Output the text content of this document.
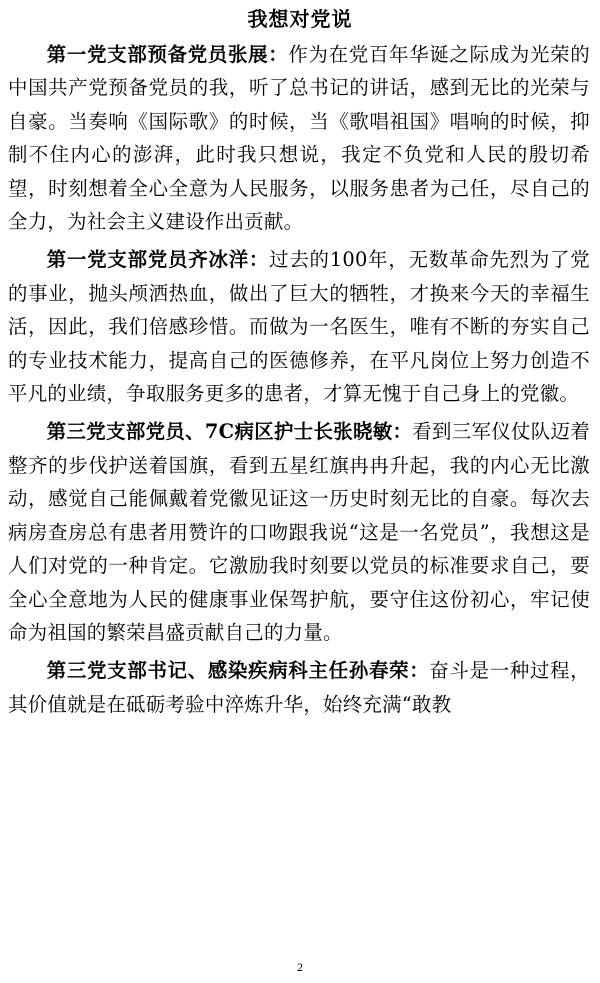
我想对党说

第一党支部预备党员张展：作为在党百年华诞之际成为光荣的中国共产党预备党员的我，听了总书记的讲话，感到无比的光荣与自豪。当奏响《国际歌》的时候，当《歌唱祖国》唱响的时候，抑制不住内心的澎湃，此时我只想说，我定不负党和人民的殷切希望，时刻想着全心全意为人民服务，以服务患者为己任，尽自己的全力，为社会主义建设作出贡献。

第一党支部党员齐冰洋：过去的100年，无数革命先烈为了党的事业，抛头颅洒热血，做出了巨大的牺牲，才换来今天的幸福生活，因此，我们倍感珍惜。而做为一名医生，唯有不断的夯实自己的专业技术能力，提高自己的医德修养，在平凡岗位上努力创造不平凡的业绩，争取服务更多的患者，才算无愧于自己身上的党徽。

第三党支部党员、7C病区护士长张晓敏：看到三军仪仗队迈着整齐的步伐护送着国旗，看到五星红旗冉冉升起，我的内心无比激动，感觉自己能佩戴着党徽见证这一历史时刻无比的自豪。每次去病房查房总有患者用赞许的口吻跟我说“这是一名党员”，我想这是人们对党的一种肯定。它激励我时刻要以党员的标准要求自己，要全心全意地为人民的健康事业保驾护航，要守住这份初心，牢记使命为祖国的繁荣昌盛贡献自己的力量。

第三党支部书记、感染疾病科主任孙春荣：奋斗是一种过程，其价值就是在砥砺考验中淬炼升华，始终充满“敢教

2
